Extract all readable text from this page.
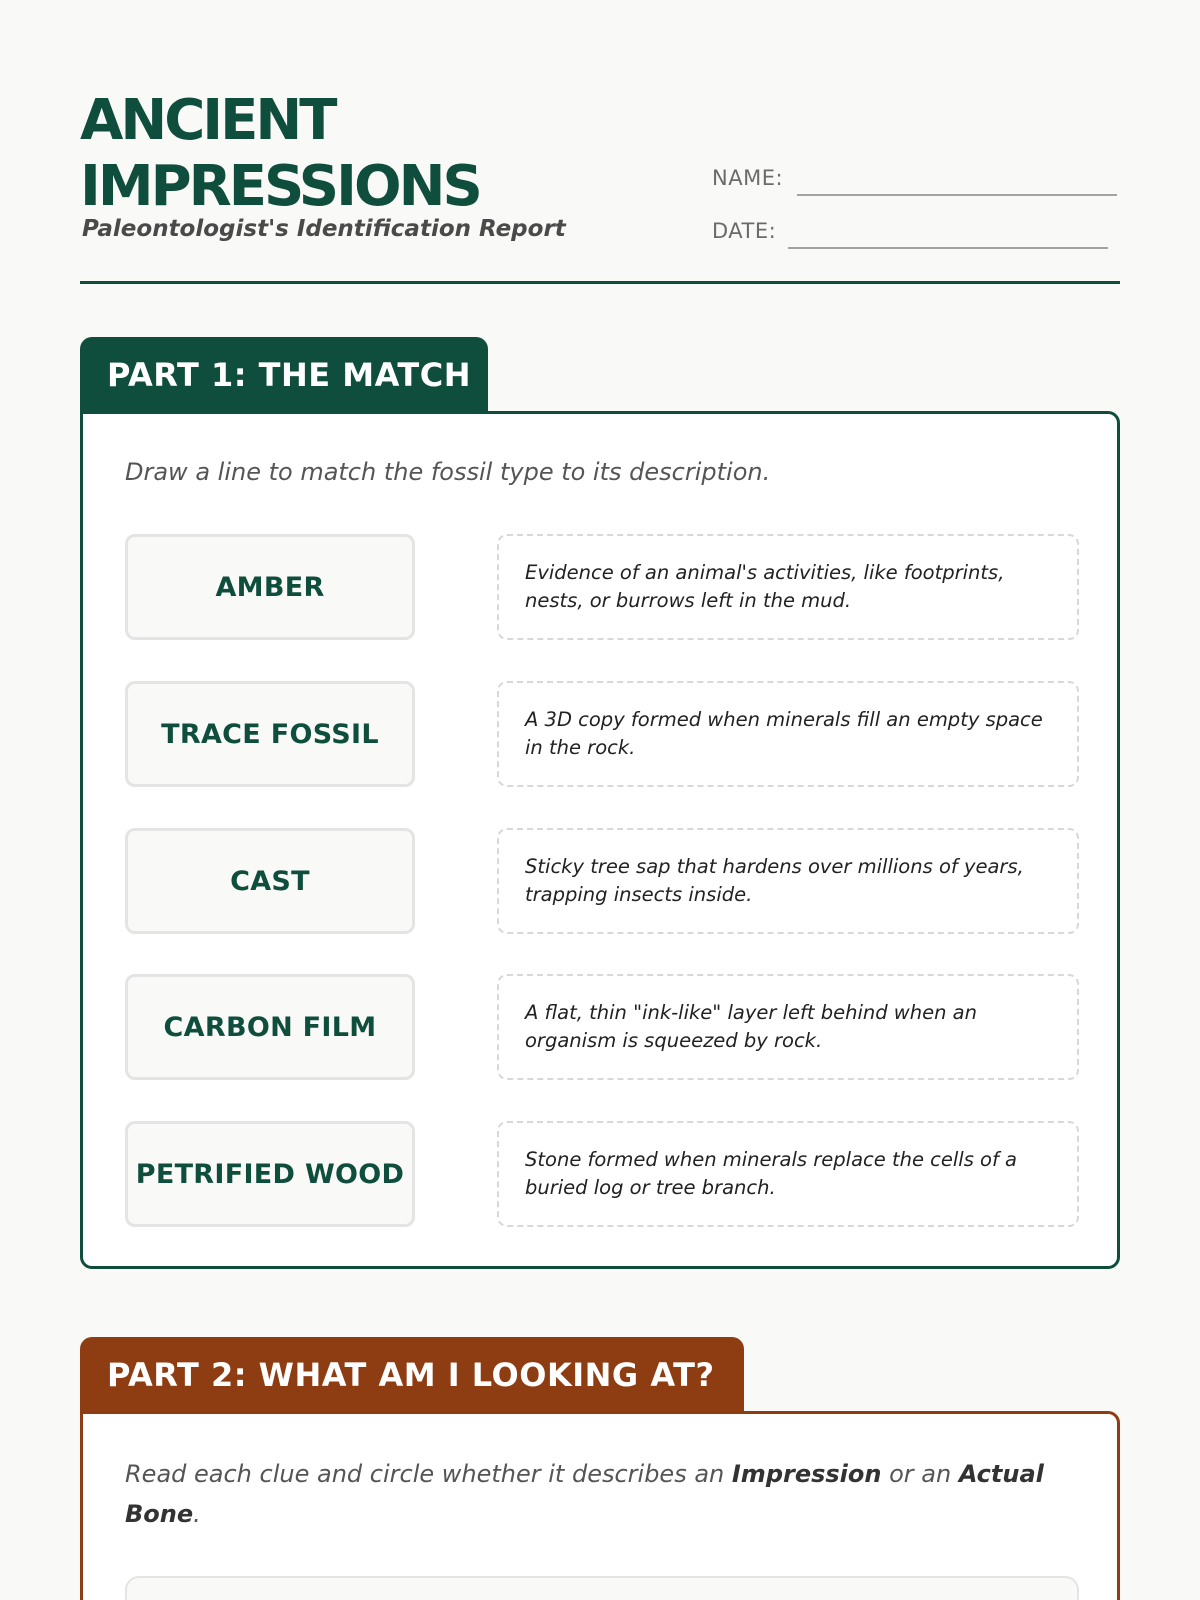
ANCIENT IMPRESSIONS
Paleontologist's Identification Report
NAME:
DATE:
PART 1: THE MATCH
Draw a line to match the fossil type to its description.
AMBER	Evidence of an animal's activities, like footprints, nests, or burrows left in the mud.
TRACE FOSSIL	A 3D copy formed when minerals fill an empty space in the rock.
CAST	Sticky tree sap that hardens over millions of years, trapping insects inside.
CARBON FILM	A flat, thin "ink-like" layer left behind when an organism is squeezed by rock.
PETRIFIED WOOD	Stone formed when minerals replace the cells of a buried log or tree branch.
PART 2: WHAT AM I LOOKING AT?
Read each clue and circle whether it describes an Impression or an Actual Bone.
